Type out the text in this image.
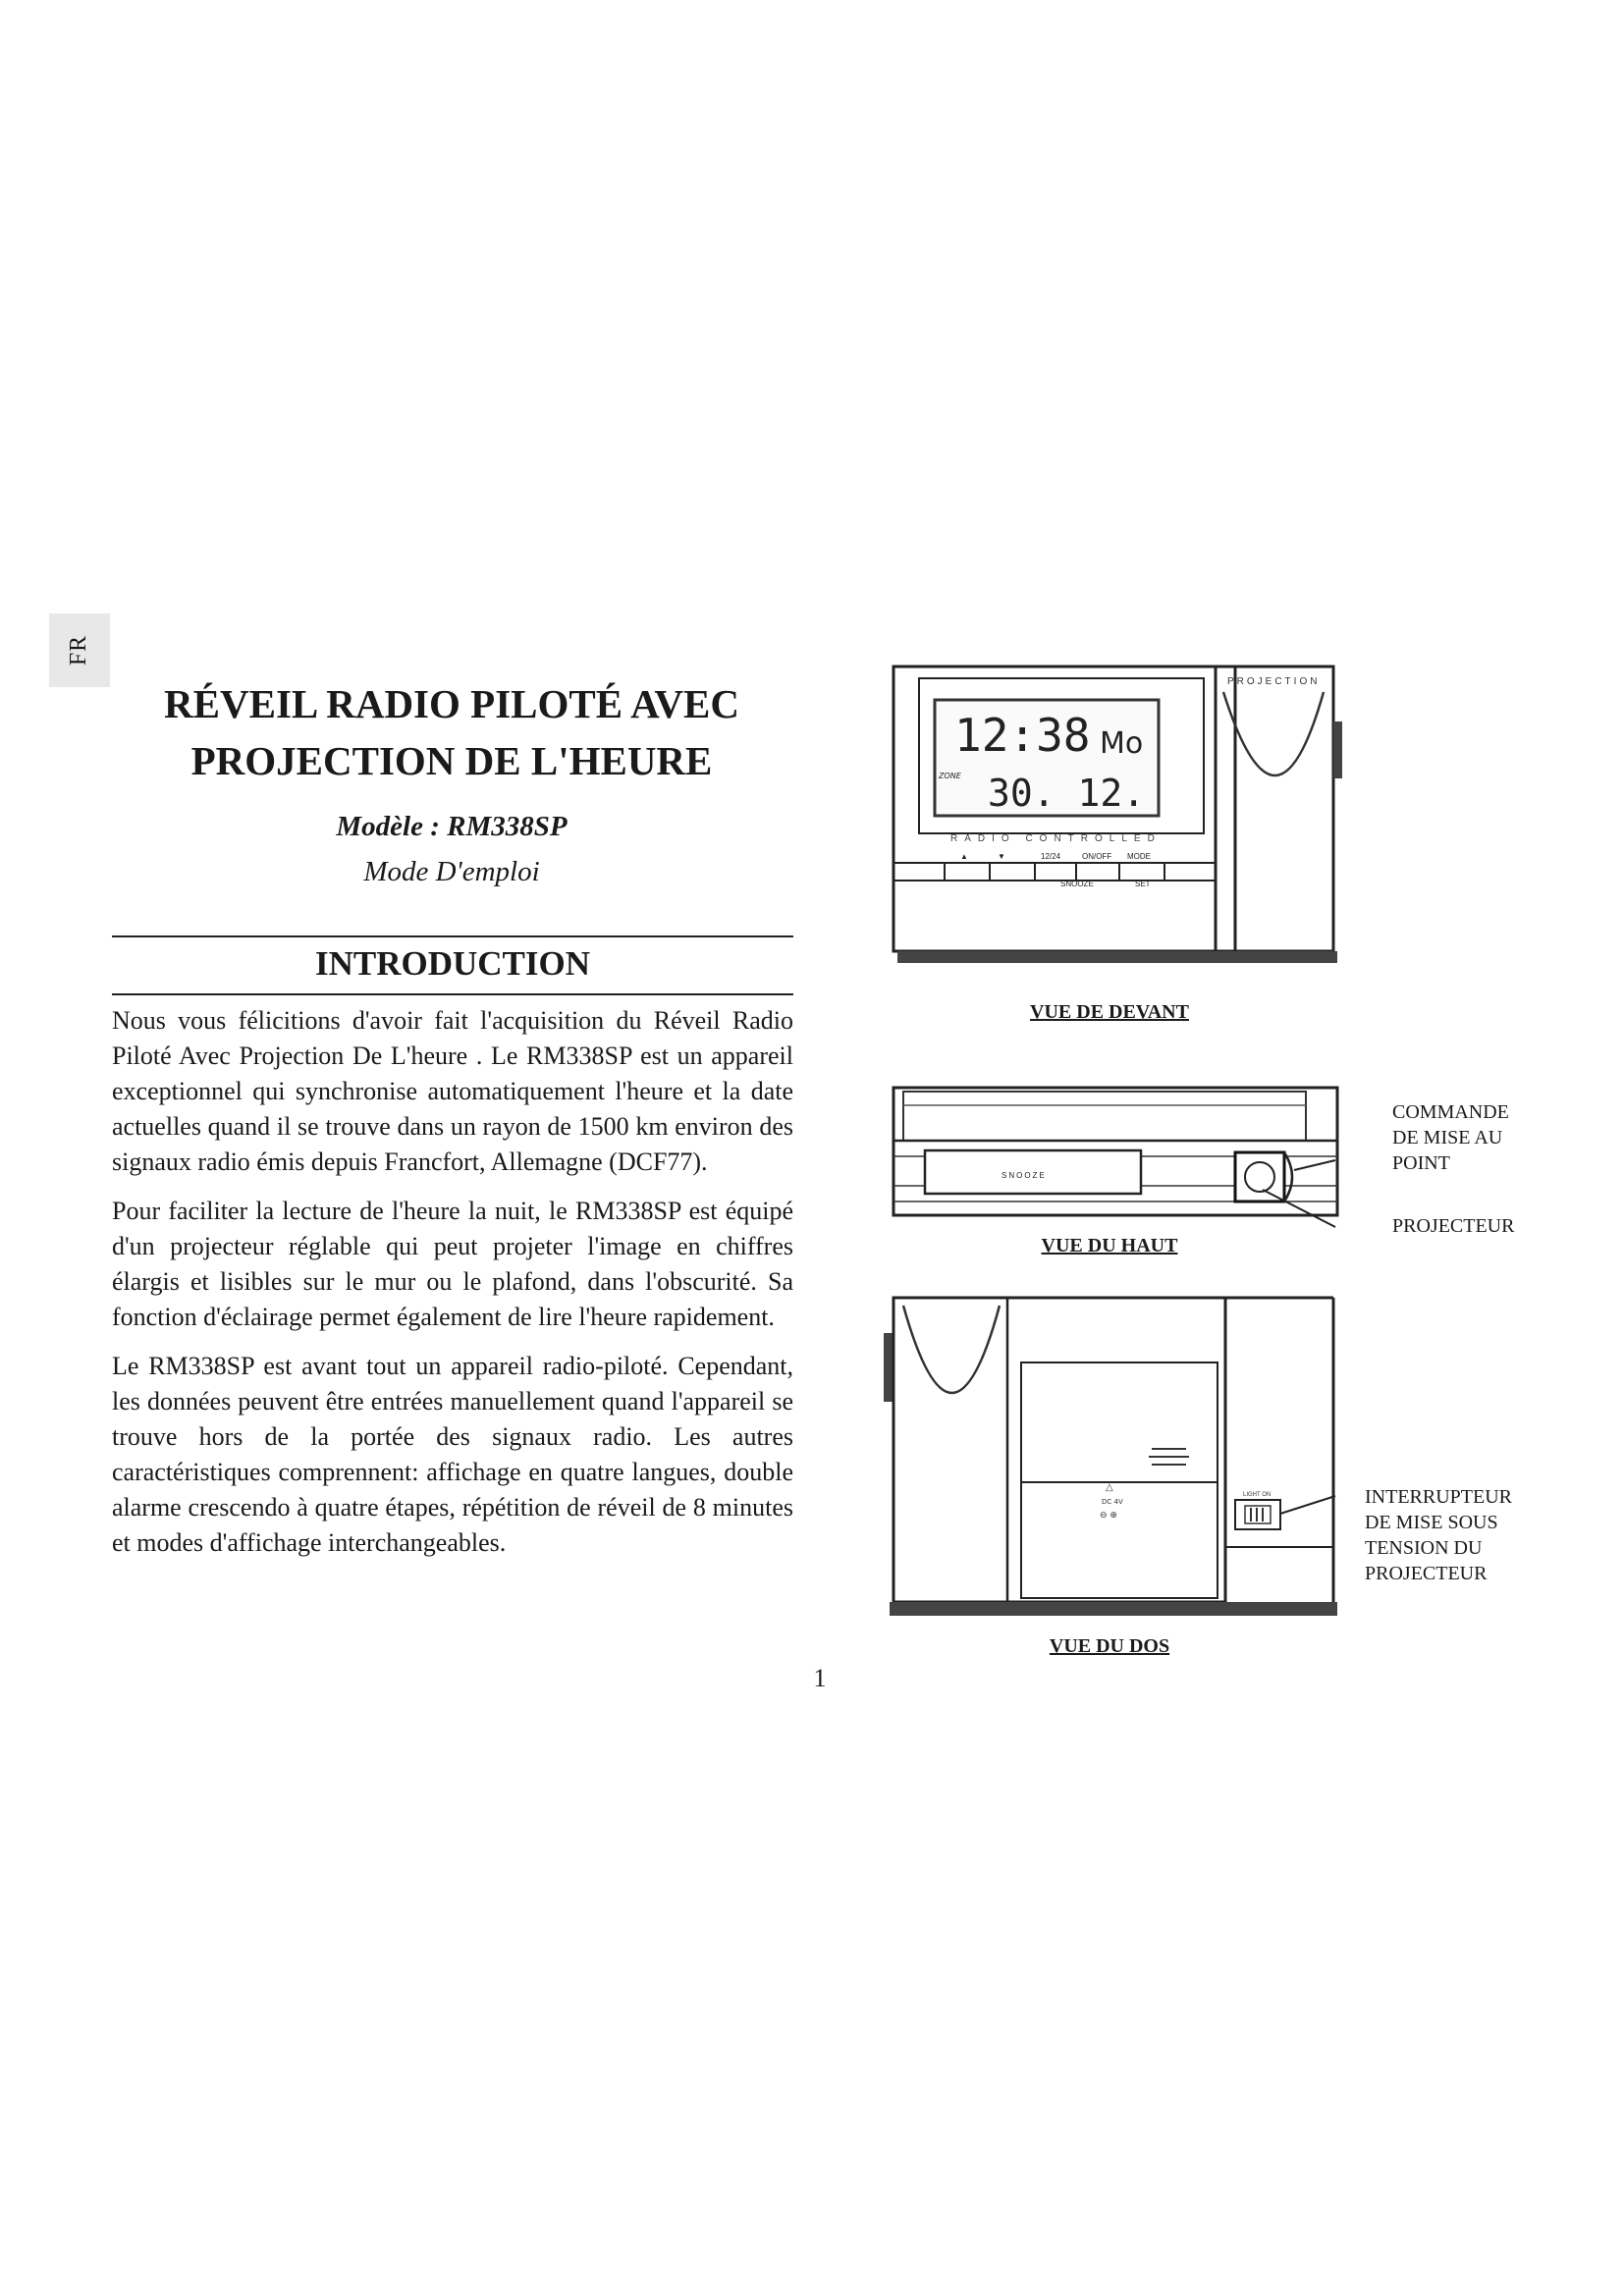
FR
RÉVEIL RADIO PILOTÉ AVEC
PROJECTION DE L'HEURE
Modèle : RM338SP
Mode D'emploi
INTRODUCTION

Nous vous félicitions d'avoir fait l'acquisition du Réveil Radio Piloté Avec Projection De L'heure . Le RM338SP est un appareil exceptionnel qui synchronise automatiquement l'heure et la date actuelles quand il se trouve dans un rayon de 1500 km environ des signaux radio émis depuis Francfort, Allemagne (DCF77).

Pour faciliter la lecture de l'heure la nuit, le RM338SP est équipé d'un projecteur réglable qui peut projeter l'image en chiffres élargis et lisibles sur le mur ou le plafond, dans l'obscurité. Sa fonction d'éclairage permet également de lire l'heure rapidement.

Le RM338SP est avant tout un appareil radio-piloté. Cependant, les données peuvent être entrées manuellement quand l'appareil se trouve hors de la portée des signaux radio. Les autres caractéristiques comprennent: affichage en quatre langues, double alarme crescendo à quatre étapes, répétition de réveil de 8 minutes et modes d'affichage interchangeables.

1
PROJECTION
12:38 Mo
ZONE 30. 12.
RADIO CONTROLLED
▲	▼	12/24	ON/OFF MODE
SNOOZE	SET
VUE DE DEVANT
SNOOZE
VUE DU HAUT
COMMANDE
DE MISE AU
POINT
PROJECTEUR
△
DC 4V
⊖ ⊕
LIGHT ON
VUE DU DOS
INTERRUPTEUR
DE MISE SOUS
TENSION DU
PROJECTEUR
